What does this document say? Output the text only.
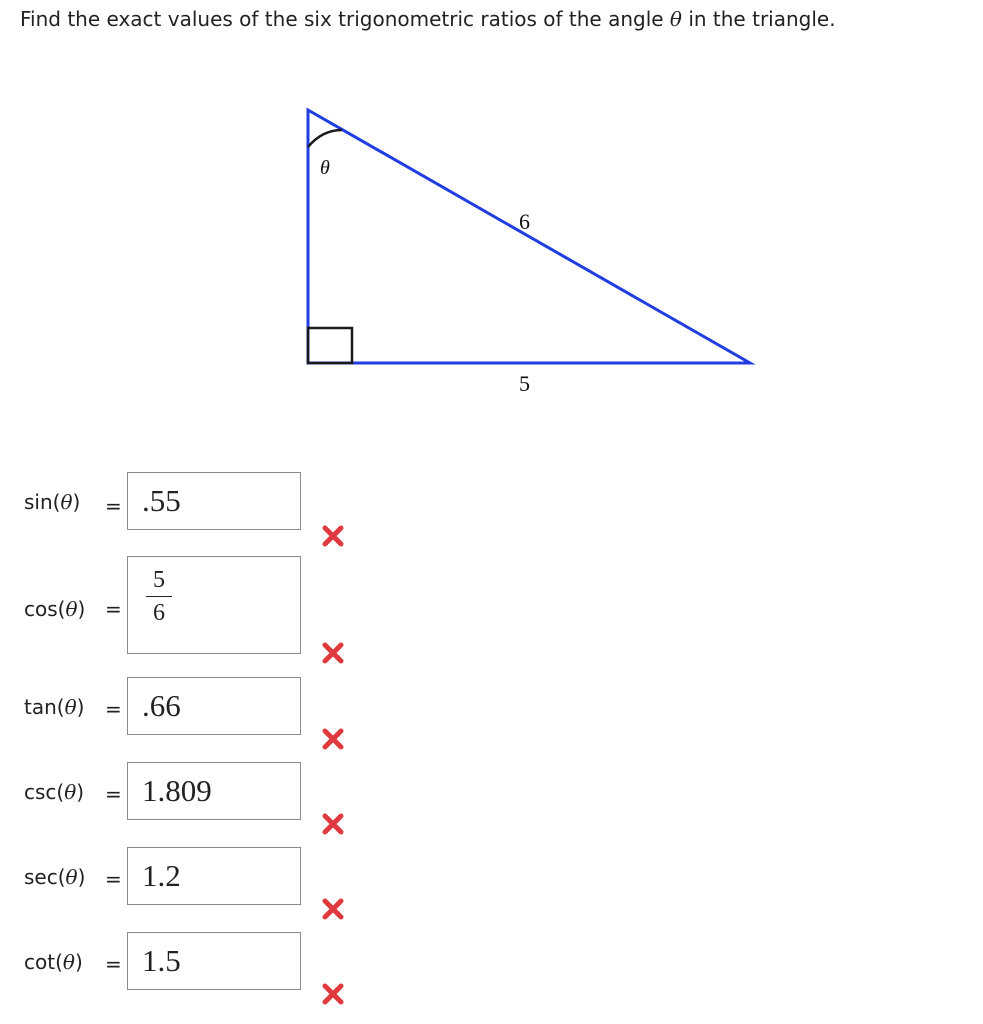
Find the exact values of the six trigonometric ratios of the angle θ in the triangle.
θ
6
5
sin(θ) = .55
$\cos(\theta) = \frac{5}{6}$
tan(θ) = .66
csc(θ) = 1.809
sec(θ) = 1.2
cot(θ) = 1.5
